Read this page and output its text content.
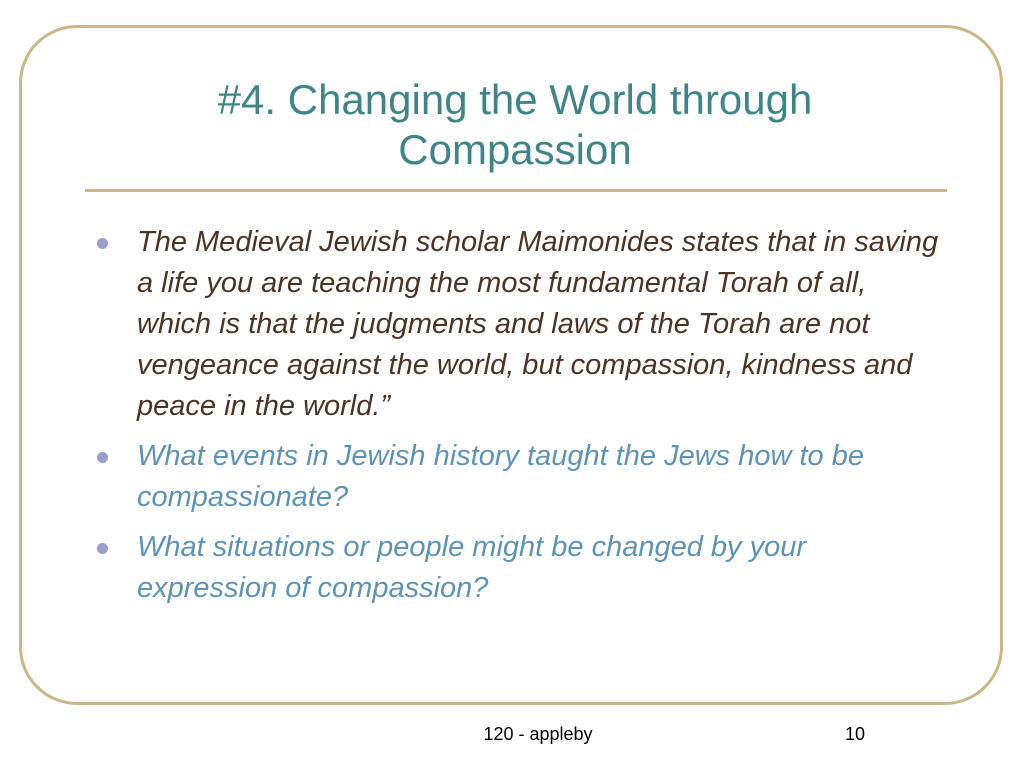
#4. Changing the World through Compassion
The Medieval Jewish scholar Maimonides states that in saving a life you are teaching the most fundamental Torah of all, which is that the judgments and laws of the Torah are not vengeance against the world, but compassion, kindness and peace in the world.”
What events in Jewish history taught the Jews how to be compassionate?
What situations or people might be changed by your expression of compassion?
120 - appleby	10
